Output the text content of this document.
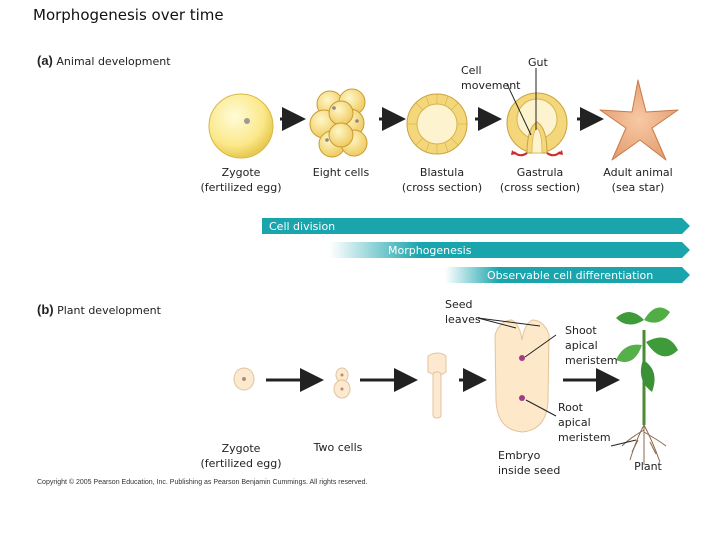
Morphogenesis over time
(a) Animal development
Cell
movement
Gut
Zygote
(fertilized egg)
Eight cells	Blastula
(cross section)
Gastrula
(cross section)
Adult animal
(sea star)
Cell division
Morphogenesis
Observable cell differentiation
(b) Plant development	Seed
leaves
Shoot
apical
meristem
Root
apical
meristem
Zygote
(fertilized egg)
Two cells
Embryo
inside seed	Plant
Copyright © 2005 Pearson Education, Inc. Publishing as Pearson Benjamin Cummings. All rights reserved.
